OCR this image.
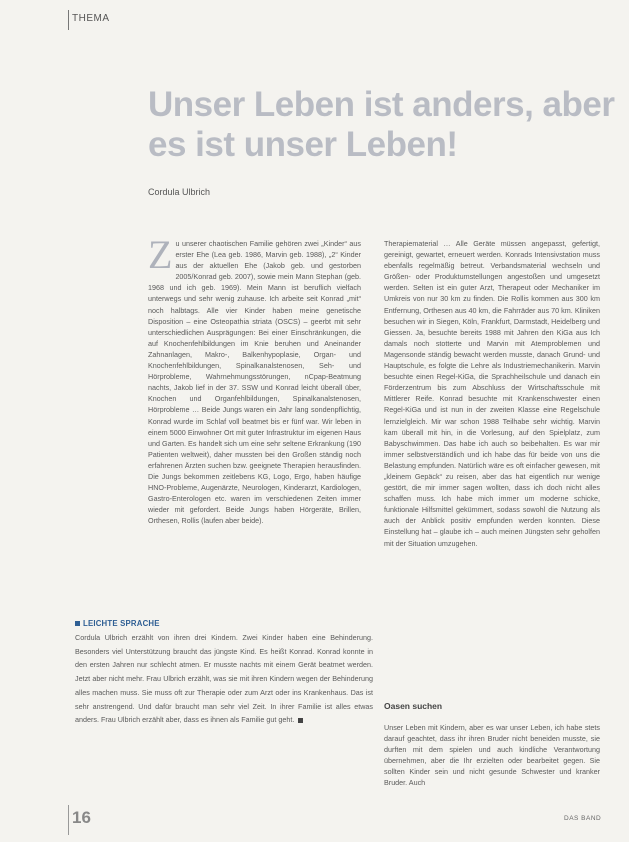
THEMA
Unser Leben ist anders, aber
es ist unser Leben!
Cordula Ulbrich

Zu unserer chaotischen Familie gehören zwei „Kinder“ aus erster Ehe (Lea geb. 1986, Marvin geb. 1988), „2“ Kinder aus der aktuellen Ehe (Jakob geb. und gestorben 2005/Konrad geb. 2007), sowie mein Mann Stephan (geb. 1968 und ich geb. 1969). Mein Mann ist beruflich vielfach unterwegs und sehr wenig zuhause. Ich arbeite seit Konrad „mit“ noch halbtags. Alle vier Kinder haben meine genetische Disposition – eine Osteopathia striata (OSCS) – geerbt mit sehr unterschiedlichen Ausprägungen: Bei einer Einschränkungen, die auf Knochenfehlbildungen im Knie beruhen und Aneinander Zahnanlagen, Makro-, Balkenhypoplasie, Organ- und Knochenfehlbildungen, Spinalkanalstenosen, Seh- und Hörprobleme, Wahrnehmungsstörungen, nCpap-Beatmung nachts, Jakob lief in der 37. SSW und Konrad leicht überall über, Knochen und Organfehlbildungen, Spinalkanalstenosen, Hörprobleme … Beide Jungs waren ein Jahr lang sondenpflichtig, Konrad wurde im Schlaf voll beatmet bis er fünf war. Wir leben in einem 5000 Einwohner Ort mit guter Infrastruktur im eigenen Haus und Garten. Es handelt sich um eine sehr seltene Erkrankung (190 Patienten weltweit), daher mussten bei den Großen ständig noch erfahrenen Ärzten suchen bzw. geeignete Therapien herausfinden. Die Jungs bekommen zeitlebens KG, Logo, Ergo, haben häufige HNO-Probleme, Augenärzte, Neurologen, Kinderarzt, Kardiologen, Gastro-Enterologen etc. waren im verschiedenen Zeiten immer wieder mit gefordert. Beide Jungs haben Hörgeräte, Brillen, Orthesen, Rollis (laufen aber beide).

Therapiematerial … Alle Geräte müssen angepasst, gefertigt, gereinigt, gewartet, erneuert werden. Konrads Intensivstation muss ebenfalls regelmäßig betreut. Verbandsmaterial wechseln und Größen- oder Produktumstellungen angestoßen und umgesetzt werden. Selten ist ein guter Arzt, Therapeut oder Mechaniker im Umkreis von nur 30 km zu finden. Die Rollis kommen aus 300 km Entfernung, Orthesen aus 40 km, die Fahrräder aus 70 km. Kliniken besuchen wir in Siegen, Köln, Frankfurt, Darmstadt, Heidelberg und Giessen. Ja, besuchte bereits 1988 mit Jahren den KiGa aus Ich damals noch stotterte und Marvin mit Atemproblemen und Magensonde ständig bewacht werden musste, danach Grund- und Hauptschule, es folgte die Lehre als Industriemechanikerin. Marvin besuchte einen Regel-KiGa, die Sprachheilschule und danach ein Förderzentrum bis zum Abschluss der Wirtschaftsschule mit Mittlerer Reife. Konrad besuchte mit Krankenschwester einen Regel-KiGa und ist nun in der zweiten Klasse eine Regelschule lernzielgleich. Mir war schon 1988 Teilhabe sehr wichtig. Marvin kam überall mit hin, in die Vorlesung, auf den Spielplatz, zum Babyschwimmen. Das habe ich auch so beibehalten. Es war mir immer selbstverständlich und ich habe das für beide von uns die Belastung empfunden. Natürlich wäre es oft einfacher gewesen, mit „kleinem Gepäck“ zu reisen, aber das hat eigentlich nur wenige gestört, die mir immer sagen wollten, dass ich doch nicht alles schaffen muss. Ich habe mich immer um moderne schicke, funktionale Hilfsmittel gekümmert, sodass sowohl die Nutzung als auch der Anblick positiv empfunden werden konnten. Diese Einstellung hat – glaube ich – auch meinen Jüngsten sehr geholfen mit der Situation umzugehen.

Oasen suchen

Unser Leben mit Kindern, aber es war unser Leben, ich habe stets darauf geachtet, dass ihr ihren Bruder nicht beneiden musste, sie durften mit dem spielen und auch kindliche Verantwortung übernehmen, aber die Ihr erzielten oder bearbeitet gegen. Sie sollten Kinder sein und nicht gesunde Schwester und kranker Bruder. Auch

LEICHTE SPRACHE
Cordula Ulbrich erzählt von ihren drei Kindern. Zwei Kinder haben eine Behinderung. Besonders viel Unterstützung braucht das jüngste Kind. Es heißt Konrad. Konrad konnte in den ersten Jahren nur schlecht atmen. Er musste nachts mit einem Gerät beatmet werden. Jetzt aber nicht mehr. Frau Ulbrich erzählt, was sie mit ihren Kindern wegen der Behinderung alles machen muss. Sie muss oft zur Therapie oder zum Arzt oder ins Krankenhaus. Das ist sehr anstrengend. Und dafür braucht man sehr viel Zeit. In ihrer Familie ist alles etwas anders. Frau Ulbrich erzählt aber, dass es ihnen als Familie gut geht.
16	DAS BAND
